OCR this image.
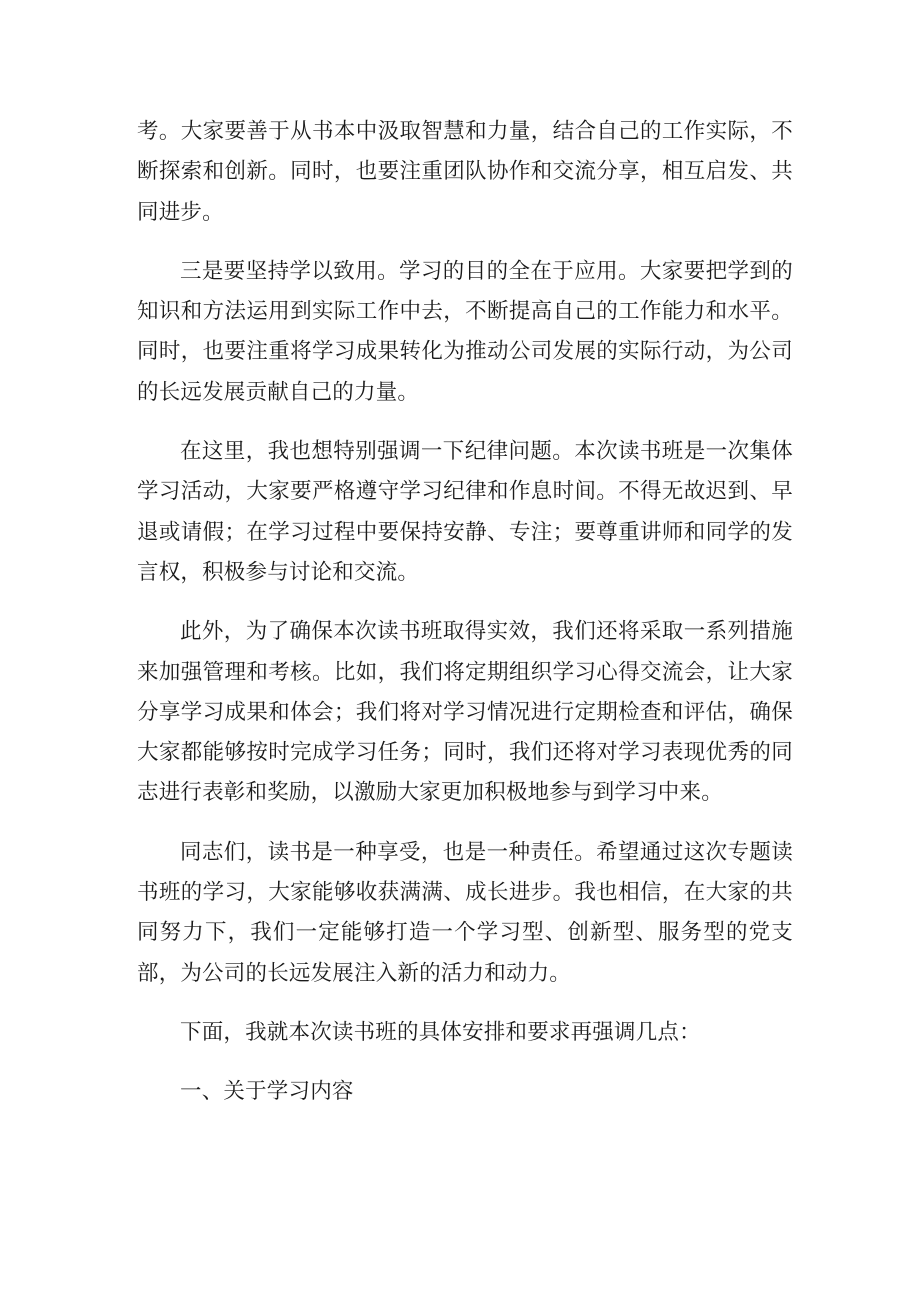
考。大家要善于从书本中汲取智慧和力量，结合自己的工作实际，不断探索和创新。同时，也要注重团队协作和交流分享，相互启发、共同进步。

三是要坚持学以致用。学习的目的全在于应用。大家要把学到的知识和方法运用到实际工作中去，不断提高自己的工作能力和水平。同时，也要注重将学习成果转化为推动公司发展的实际行动，为公司的长远发展贡献自己的力量。

在这里，我也想特别强调一下纪律问题。本次读书班是一次集体学习活动，大家要严格遵守学习纪律和作息时间。不得无故迟到、早退或请假；在学习过程中要保持安静、专注；要尊重讲师和同学的发言权，积极参与讨论和交流。

此外，为了确保本次读书班取得实效，我们还将采取一系列措施来加强管理和考核。比如，我们将定期组织学习心得交流会，让大家分享学习成果和体会；我们将对学习情况进行定期检查和评估，确保大家都能够按时完成学习任务；同时，我们还将对学习表现优秀的同志进行表彰和奖励，以激励大家更加积极地参与到学习中来。

同志们，读书是一种享受，也是一种责任。希望通过这次专题读书班的学习，大家能够收获满满、成长进步。我也相信，在大家的共同努力下，我们一定能够打造一个学习型、创新型、服务型的党支部，为公司的长远发展注入新的活力和动力。

下面，我就本次读书班的具体安排和要求再强调几点：

一、关于学习内容
